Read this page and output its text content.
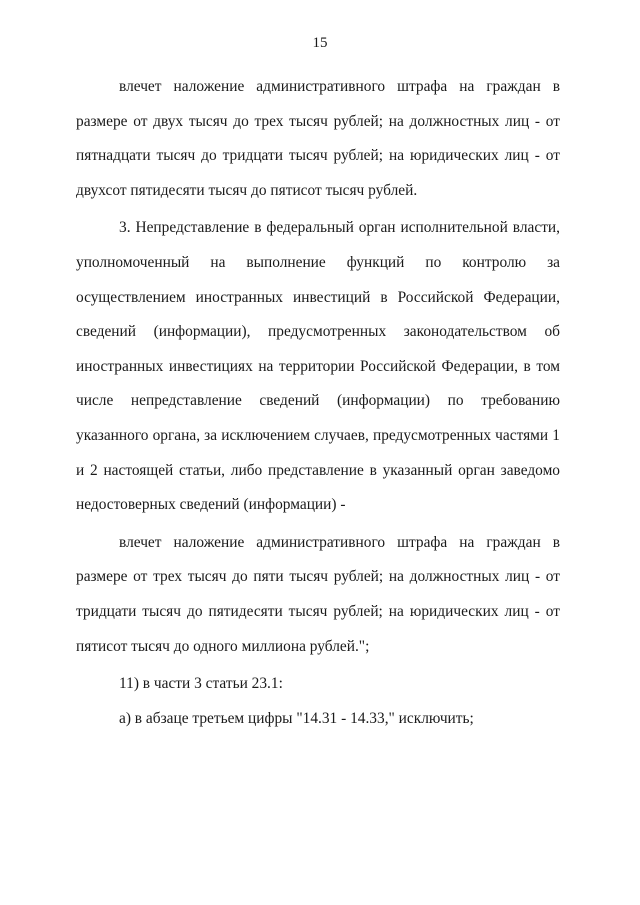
15

влечет наложение административного штрафа на граждан в размере от двух тысяч до трех тысяч рублей; на должностных лиц - от пятнадцати тысяч до тридцати тысяч рублей; на юридических лиц - от двухсот пятидесяти тысяч до пятисот тысяч рублей.

3. Непредставление в федеральный орган исполнительной власти, уполномоченный на выполнение функций по контролю за осуществлением иностранных инвестиций в Российской Федерации, сведений (информации), предусмотренных законодательством об иностранных инвестициях на территории Российской Федерации, в том числе непредставление сведений (информации) по требованию указанного органа, за исключением случаев, предусмотренных частями 1 и 2 настоящей статьи, либо представление в указанный орган заведомо недостоверных сведений (информации) -

влечет наложение административного штрафа на граждан в размере от трех тысяч до пяти тысяч рублей; на должностных лиц - от тридцати тысяч до пятидесяти тысяч рублей; на юридических лиц - от пятисот тысяч до одного миллиона рублей.";

11) в части 3 статьи 23.1:

а) в абзаце третьем цифры "14.31 - 14.33," исключить;
